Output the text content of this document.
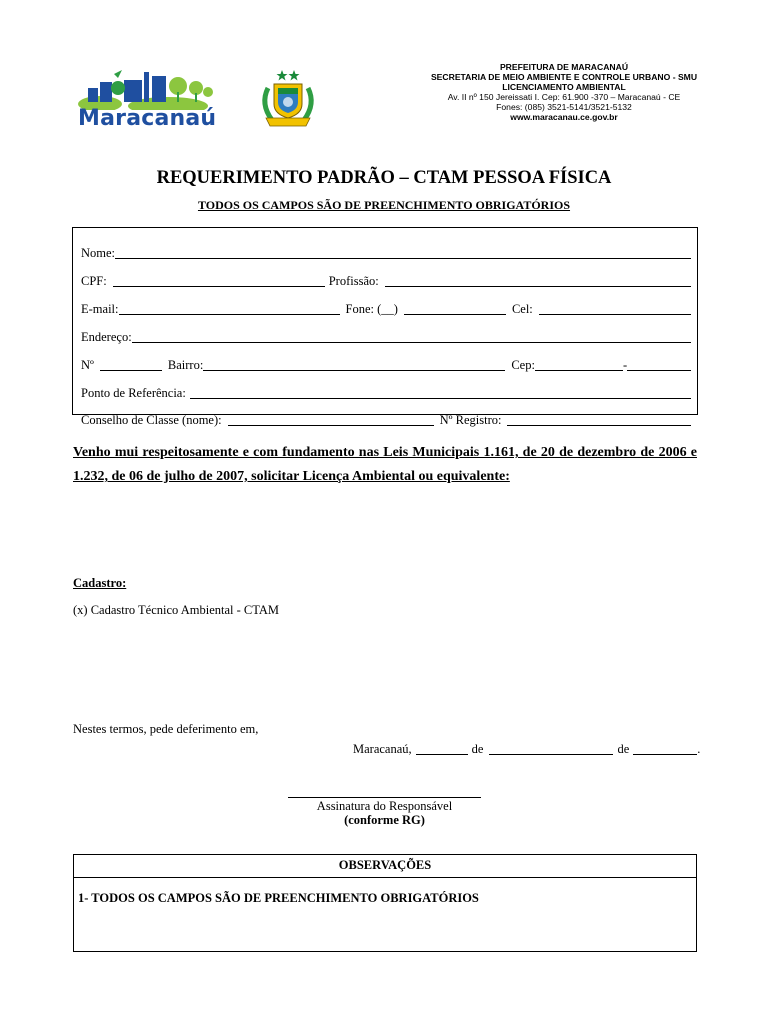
Maracanaú
PREFEITURA DE MARACANAÚ
SECRETARIA DE MEIO AMBIENTE E CONTROLE URBANO - SMU
LICENCIAMENTO AMBIENTAL
Av. II nº 150 Jereissati I. Cep: 61.900 -370 – Maracanaú - CE
Fones: (085) 3521-5141/3521-5132
www.maracanau.ce.gov.br
REQUERIMENTO PADRÃO – CTAM PESSOA FÍSICA
TODOS OS CAMPOS SÃO DE PREENCHIMENTO OBRIGATÓRIOS
Nome:
CPF:	Profissão:
E-mail:	Fone: (__)	Cel:
Endereço:
Nº	Bairro:	Cep:	-
Ponto de Referência:
Conselho de Classe (nome):	Nº Registro:
Venho mui respeitosamente e com fundamento nas Leis Municipais 1.161, de 20 de dezembro de 2006 e 1.232, de 06 de julho de 2007, solicitar Licença Ambiental ou equivalente:
Cadastro:
(x) Cadastro Técnico Ambiental - CTAM
Nestes termos, pede deferimento em,
Maracanaú,	de	de	.
Assinatura do Responsável
(conforme RG)
OBSERVAÇÕES
1- TODOS OS CAMPOS SÃO DE PREENCHIMENTO OBRIGATÓRIOS
